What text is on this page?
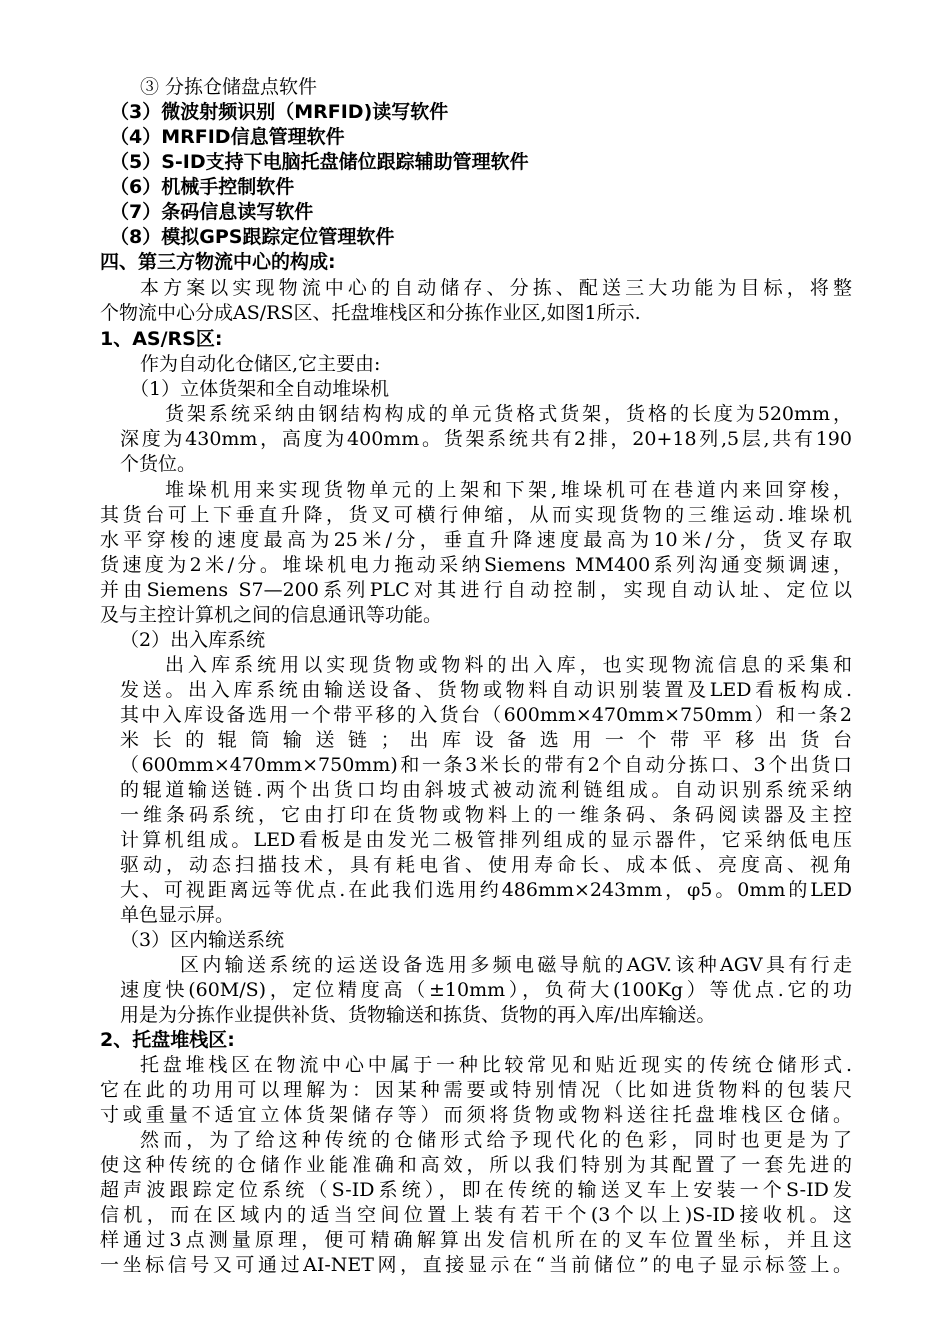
③ 分拣仓储盘点软件
（3）微波射频识别（MRFID)读写软件
（4）MRFID信息管理软件
（5）S-ID支持下电脑托盘储位跟踪辅助管理软件
（6）机械手控制软件
（7）条码信息读写软件
（8）模拟GPS跟踪定位管理软件
四、第三方物流中心的构成:
本方案以实现物流中心的自动储存、分拣、配送三大功能为目标，将整
个物流中心分成AS/RS区、托盘堆栈区和分拣作业区,如图1所示.
1、AS/RS区:
作为自动化仓储区,它主要由:
（1）立体货架和全自动堆垛机
货架系统采纳由钢结构构成的单元货格式货架，货格的长度为520mm，
深度为430mm，高度为400mm。货架系统共有2排，20+18列,5层,共有190
个货位。
堆垛机用来实现货物单元的上架和下架,堆垛机可在巷道内来回穿梭，
其货台可上下垂直升降，货叉可横行伸缩，从而实现货物的三维运动.堆垛机
水平穿梭的速度最高为25米/分，垂直升降速度最高为10米/分，货叉存取
货速度为2米/分。堆垛机电力拖动采纳Siemens MM400系列沟通变频调速，
并由Siemens S7—200系列PLC对其进行自动控制，实现自动认址、定位以
及与主控计算机之间的信息通讯等功能。
（2）出入库系统
出入库系统用以实现货物或物料的出入库，也实现物流信息的采集和
发送。出入库系统由输送设备、货物或物料自动识别装置及LED看板构成.
其中入库设备选用一个带平移的入货台（600mm×470mm×750mm）和一条2
米 长 的 辊 筒 输 送 链 ； 出 库 设 备 选 用 一 个 带 平 移 出 货 台
（600mm×470mm×750mm)和一条3米长的带有2个自动分拣口、3个出货口
的辊道输送链.两个出货口均由斜坡式被动流利链组成。自动识别系统采纳
一维条码系统，它由打印在货物或物料上的一维条码、条码阅读器及主控
计算机组成。LED看板是由发光二极管排列组成的显示器件，它采纳低电压
驱动，动态扫描技术，具有耗电省、使用寿命长、成本低、亮度高、视角
大、可视距离远等优点.在此我们选用约486mm×243mm，φ5。0mm的LED
单色显示屏。
（3）区内输送系统
区内输送系统的运送设备选用多频电磁导航的AGV.该种AGV具有行走
速度快(60M/S)，定位精度高（±10mm），负荷大(100Kg）等优点.它的功
用是为分拣作业提供补货、货物输送和拣货、货物的再入库/出库输送。
2、托盘堆栈区:
托盘堆栈区在物流中心中属于一种比较常见和贴近现实的传统仓储形式.
它在此的功用可以理解为：因某种需要或特别情况（比如进货物料的包装尺
寸或重量不适宜立体货架储存等）而须将货物或物料送往托盘堆栈区仓储。
然而，为了给这种传统的仓储形式给予现代化的色彩，同时也更是为了
使这种传统的仓储作业能准确和高效，所以我们特别为其配置了一套先进的
超声波跟踪定位系统（S-ID系统），即在传统的输送叉车上安装一个S-ID发
信机，而在区域内的适当空间位置上装有若干个(3个以上)S-ID接收机。这
样通过3点测量原理，便可精确解算出发信机所在的叉车位置坐标，并且这
一坐标信号又可通过AI-NET网，直接显示在“当前储位”的电子显示标签上。
